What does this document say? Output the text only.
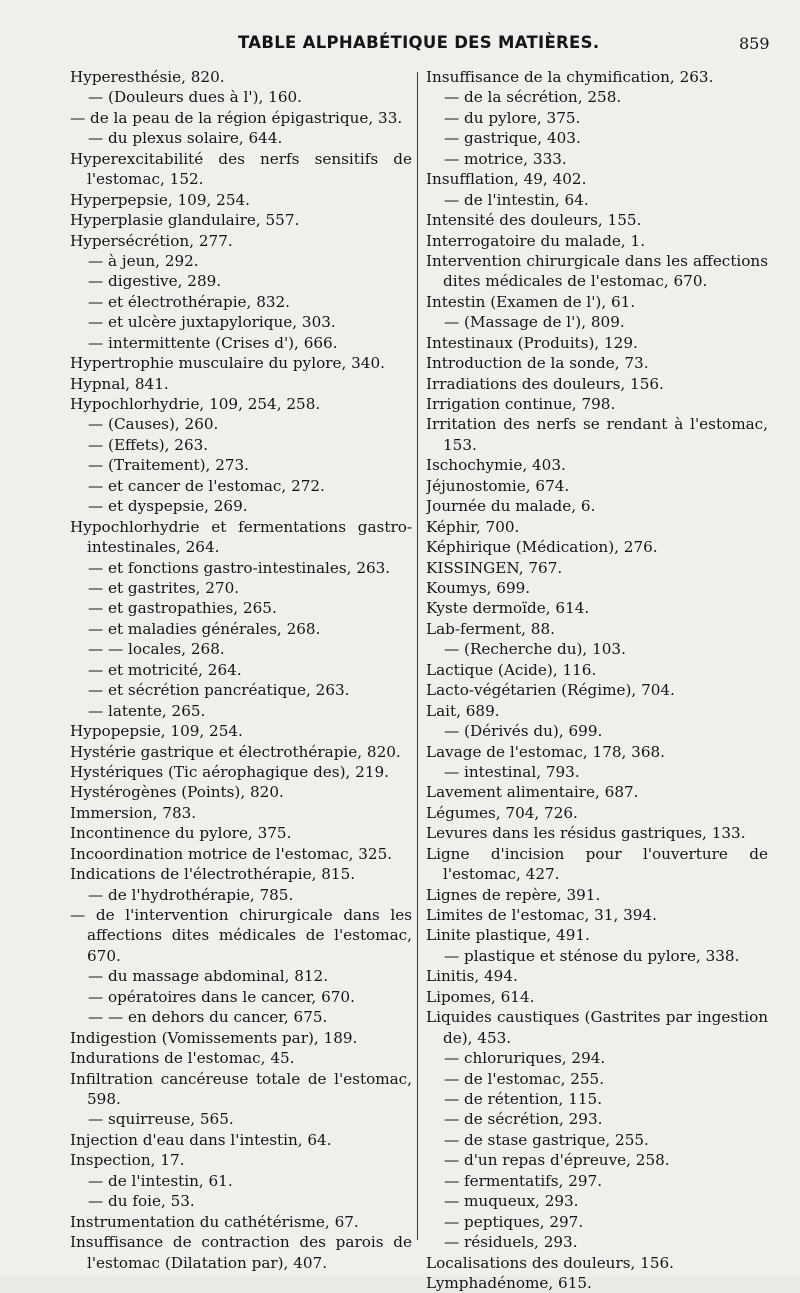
TABLE ALPHABÉTIQUE DES MATIÈRES.	859
Hyperesthésie, 820.
— (Douleurs dues à l'), 160.
— de la peau de la région épigastrique, 33.
— du plexus solaire, 644.
Hyperexcitabilité des nerfs sensitifs de l'estomac, 152.
Hyperpepsie, 109, 254.
Hyperplasie glandulaire, 557.
Hypersécrétion, 277.
— à jeun, 292.
— digestive, 289.
— et électrothérapie, 832.
— et ulcère juxtapylorique, 303.
— intermittente (Crises d'), 666.
Hypertrophie musculaire du pylore, 340.
Hypnal, 841.
Hypochlorhydrie, 109, 254, 258.
— (Causes), 260.
— (Effets), 263.
— (Traitement), 273.
— et cancer de l'estomac, 272.
— et dyspepsie, 269.
Hypochlorhydrie et fermentations gastro-intestinales, 264.
— et fonctions gastro-intestinales, 263.
— et gastrites, 270.
— et gastropathies, 265.
— et maladies générales, 268.
— — locales, 268.
— et motricité, 264.
— et sécrétion pancréatique, 263.
— latente, 265.
Hypopepsie, 109, 254.
Hystérie gastrique et électrothérapie, 820.
Hystériques (Tic aérophagique des), 219.
Hystérogènes (Points), 820.
Immersion, 783.
Incontinence du pylore, 375.
Incoordination motrice de l'estomac, 325.
Indications de l'électrothérapie, 815.
— de l'hydrothérapie, 785.
— de l'intervention chirurgicale dans les affections dites médicales de l'estomac, 670.
— du massage abdominal, 812.
— opératoires dans le cancer, 670.
— — en dehors du cancer, 675.
Indigestion (Vomissements par), 189.
Indurations de l'estomac, 45.
Infiltration cancéreuse totale de l'estomac, 598.
— squirreuse, 565.
Injection d'eau dans l'intestin, 64.
Inspection, 17.
— de l'intestin, 61.
— du foie, 53.
Instrumentation du cathétérisme, 67.
Insuffisance de contraction des parois de l'estomac (Dilatation par), 407.
Insuffisance de la chymification, 263.
— de la sécrétion, 258.
— du pylore, 375.
— gastrique, 403.
— motrice, 333.
Insufflation, 49, 402.
— de l'intestin, 64.
Intensité des douleurs, 155.
Interrogatoire du malade, 1.
Intervention chirurgicale dans les affections dites médicales de l'estomac, 670.
Intestin (Examen de l'), 61.
— (Massage de l'), 809.
Intestinaux (Produits), 129.
Introduction de la sonde, 73.
Irradiations des douleurs, 156.
Irrigation continue, 798.
Irritation des nerfs se rendant à l'estomac, 153.
Ischochymie, 403.
Jéjunostomie, 674.
Journée du malade, 6.
Képhir, 700.
Képhirique (Médication), 276.
KISSINGEN, 767.
Koumys, 699.
Kyste dermoïde, 614.
Lab-ferment, 88.
— (Recherche du), 103.
Lactique (Acide), 116.
Lacto-végétarien (Régime), 704.
Lait, 689.
— (Dérivés du), 699.
Lavage de l'estomac, 178, 368.
— intestinal, 793.
Lavement alimentaire, 687.
Légumes, 704, 726.
Levures dans les résidus gastriques, 133.
Ligne d'incision pour l'ouverture de l'estomac, 427.
Lignes de repère, 391.
Limites de l'estomac, 31, 394.
Linite plastique, 491.
— plastique et sténose du pylore, 338.
Linitis, 494.
Lipomes, 614.
Liquides caustiques (Gastrites par ingestion de), 453.
— chloruriques, 294.
— de l'estomac, 255.
— de rétention, 115.
— de sécrétion, 293.
— de stase gastrique, 255.
— d'un repas d'épreuve, 258.
— fermentatifs, 297.
— muqueux, 293.
— peptiques, 297.
— résiduels, 293.
Localisations des douleurs, 156.
Lymphadénome, 615.
